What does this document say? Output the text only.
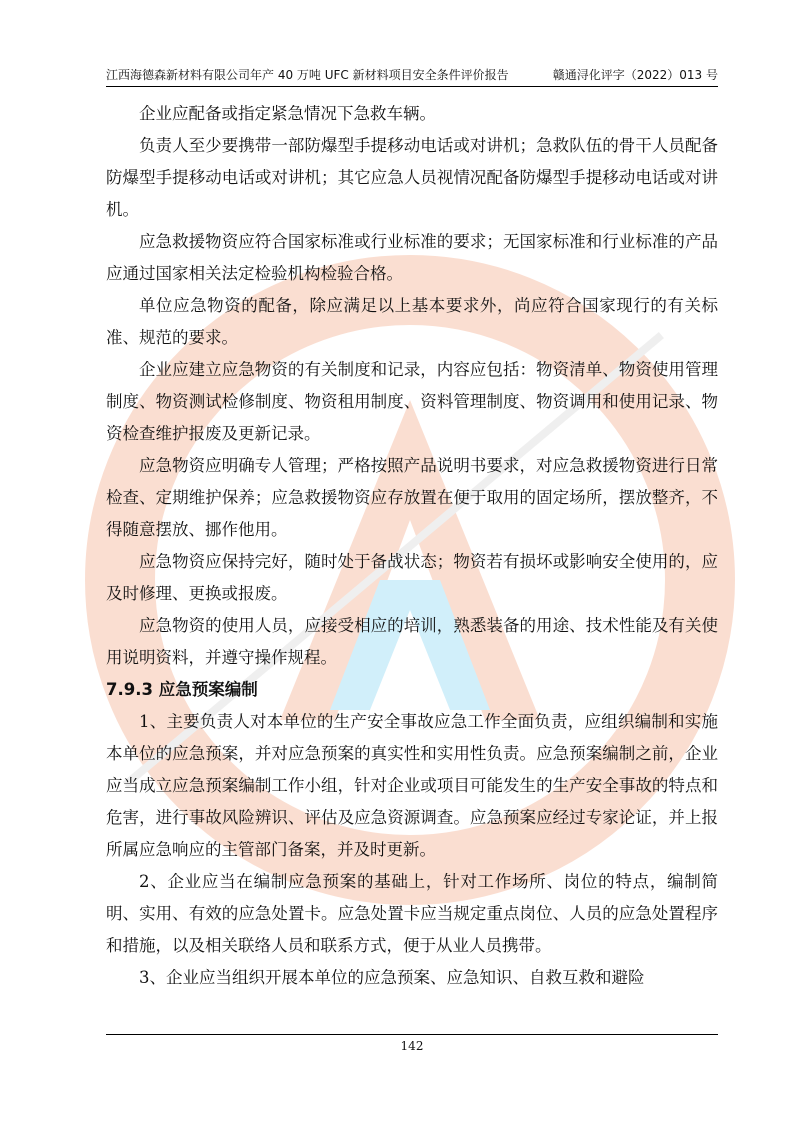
江西海德森新材料有限公司年产 40 万吨 UFC 新材料项目安全条件评价报告	赣通浔化评字（2022）013 号

企业应配备或指定紧急情况下急救车辆。

负责人至少要携带一部防爆型手提移动电话或对讲机；急救队伍的骨干人员配备防爆型手提移动电话或对讲机；其它应急人员视情况配备防爆型手提移动电话或对讲机。

应急救援物资应符合国家标准或行业标准的要求；无国家标准和行业标准的产品应通过国家相关法定检验机构检验合格。

单位应急物资的配备，除应满足以上基本要求外，尚应符合国家现行的有关标准、规范的要求。

企业应建立应急物资的有关制度和记录，内容应包括：物资清单、物资使用管理制度、物资测试检修制度、物资租用制度、资料管理制度、物资调用和使用记录、物资检查维护报废及更新记录。

应急物资应明确专人管理；严格按照产品说明书要求，对应急救援物资进行日常检查、定期维护保养；应急救援物资应存放置在便于取用的固定场所，摆放整齐，不得随意摆放、挪作他用。

应急物资应保持完好，随时处于备战状态；物资若有损坏或影响安全使用的，应及时修理、更换或报废。

应急物资的使用人员，应接受相应的培训，熟悉装备的用途、技术性能及有关使用说明资料，并遵守操作规程。

7.9.3 应急预案编制

1、主要负责人对本单位的生产安全事故应急工作全面负责，应组织编制和实施本单位的应急预案，并对应急预案的真实性和实用性负责。应急预案编制之前，企业应当成立应急预案编制工作小组，针对企业或项目可能发生的生产安全事故的特点和危害，进行事故风险辨识、评估及应急资源调查。应急预案应经过专家论证，并上报所属应急响应的主管部门备案，并及时更新。

2、企业应当在编制应急预案的基础上，针对工作场所、岗位的特点，编制简明、实用、有效的应急处置卡。应急处置卡应当规定重点岗位、人员的应急处置程序和措施，以及相关联络人员和联系方式，便于从业人员携带。

3、企业应当组织开展本单位的应急预案、应急知识、自救互救和避险

142
